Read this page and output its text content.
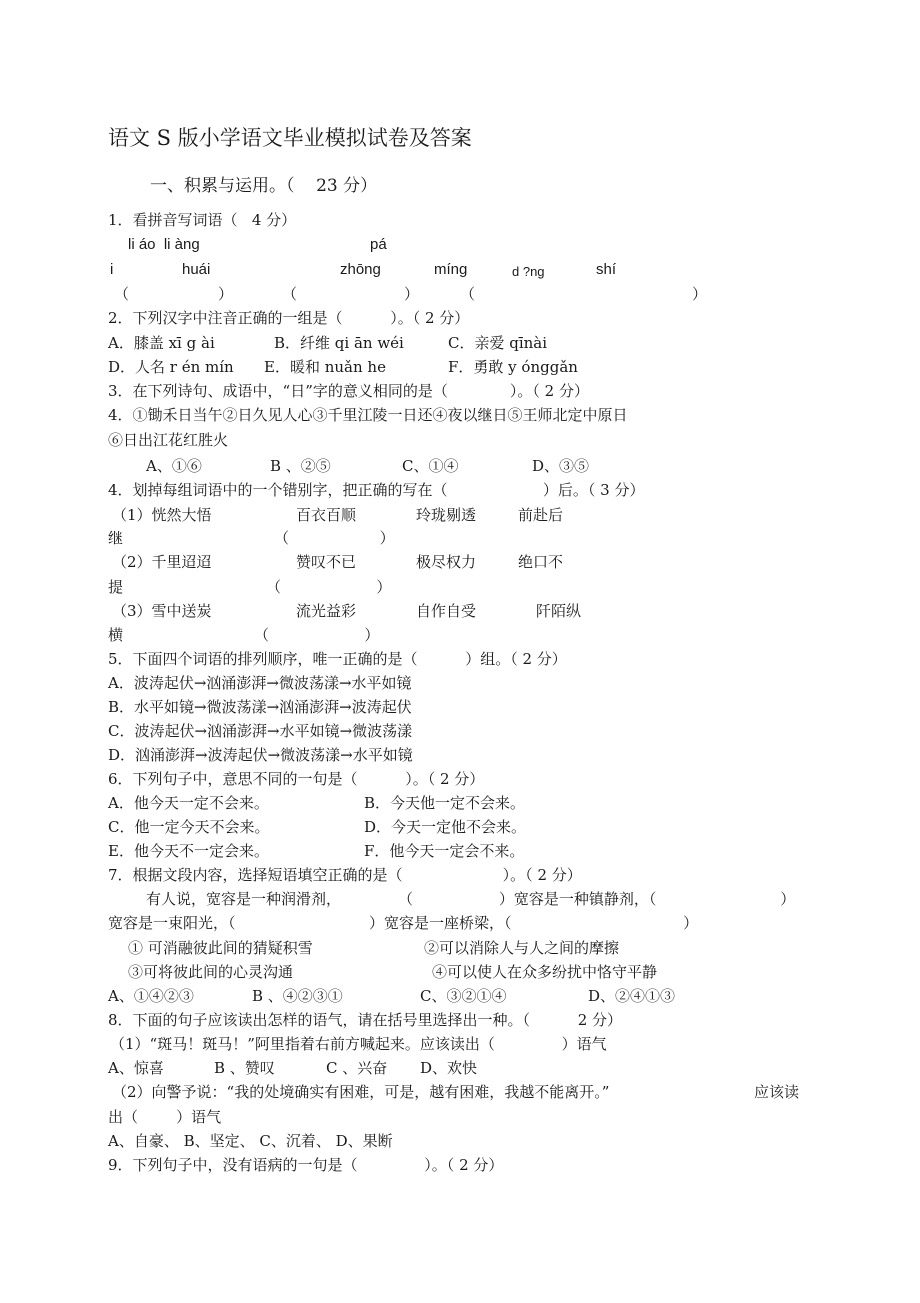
语文 S 版小学语文毕业模拟试卷及答案
一、积累与运用。（    23 分）
1．看拼音写词语（   4 分）
li áo  li àng	pá
i	huái	zhōng	míng	d ?ng	shí
（	）	（	）	（	）
2．下列汉字中注音正确的一组是（          ）。（ 2 分）
A．膝盖 xī g ài	B．纤维 qi ān wéi	C．亲爱 qīnài
D．人名 r én mín E．暖和 nuǎn he	F．勇敢 y ónggǎn
3．在下列诗句、成语中，“日”字的意义相同的是（             ）。（ 2 分）
4．①锄禾日当午②日久见人心③千里江陵一日还④夜以继日⑤王师北定中原日
⑥日出江花红胜火
A、①⑥	B 、②⑤	C、①④	D、③⑤
4．划掉每组词语中的一个错别字，把正确的写在（                    ）后。（ 3 分）
（1）恍然大悟	百衣百顺	玲珑剔透	前赴后
继	（                   ）
（2）千里迢迢	赞叹不已	极尽权力	绝口不
提	（                    ）
（3）雪中送炭	流光益彩	自作自受	阡陌纵
横	（                    ）
5．下面四个词语的排列顺序，唯一正确的是（          ）组。（ 2 分）
A．波涛起伏→汹涌澎湃→微波荡漾→水平如镜
B．水平如镜→微波荡漾→汹涌澎湃→波涛起伏
C．波涛起伏→汹涌澎湃→水平如镜→微波荡漾
D．汹涌澎湃→波涛起伏→微波荡漾→水平如镜
6．下列句子中，意思不同的一句是（          ）。（ 2 分）
A．他今天一定不会来。	B．今天他一定不会来。
C．他一定今天不会来。	D．今天一定他不会来。
E．他今天不一定会来。	F．他今天一定会不来。
7．根据文段内容，选择短语填空正确的是（                     ）。（ 2 分）
有人说，宽容是一种润滑剂，	（                  ）宽容是一种镇静剂，（                          ）
宽容是一束阳光，（                            ）宽容是一座桥梁，（                                    ）
① 可消融彼此间的猜疑积雪	②可以消除人与人之间的摩擦
③可将彼此间的心灵沟通	④可以使人在众多纷扰中恪守平静
A、①④②③	B 、④②③①	C、③②①④	D、②④①③
8．下面的句子应该读出怎样的语气，请在括号里选择出一种。（          2 分）
（1）“斑马！斑马！”阿里指着右前方喊起来。应该读出（              ）语气
A、惊喜	B 、赞叹	C 、兴奋 D、欢快
（2）向警予说：“我的处境确实有困难，可是，越有困难，我越不能离开。”	应该读
出（        ）语气
A、自豪、 B、坚定、 C、沉着、 D、果断
9．下列句子中，没有语病的一句是（              ）。（ 2 分）
